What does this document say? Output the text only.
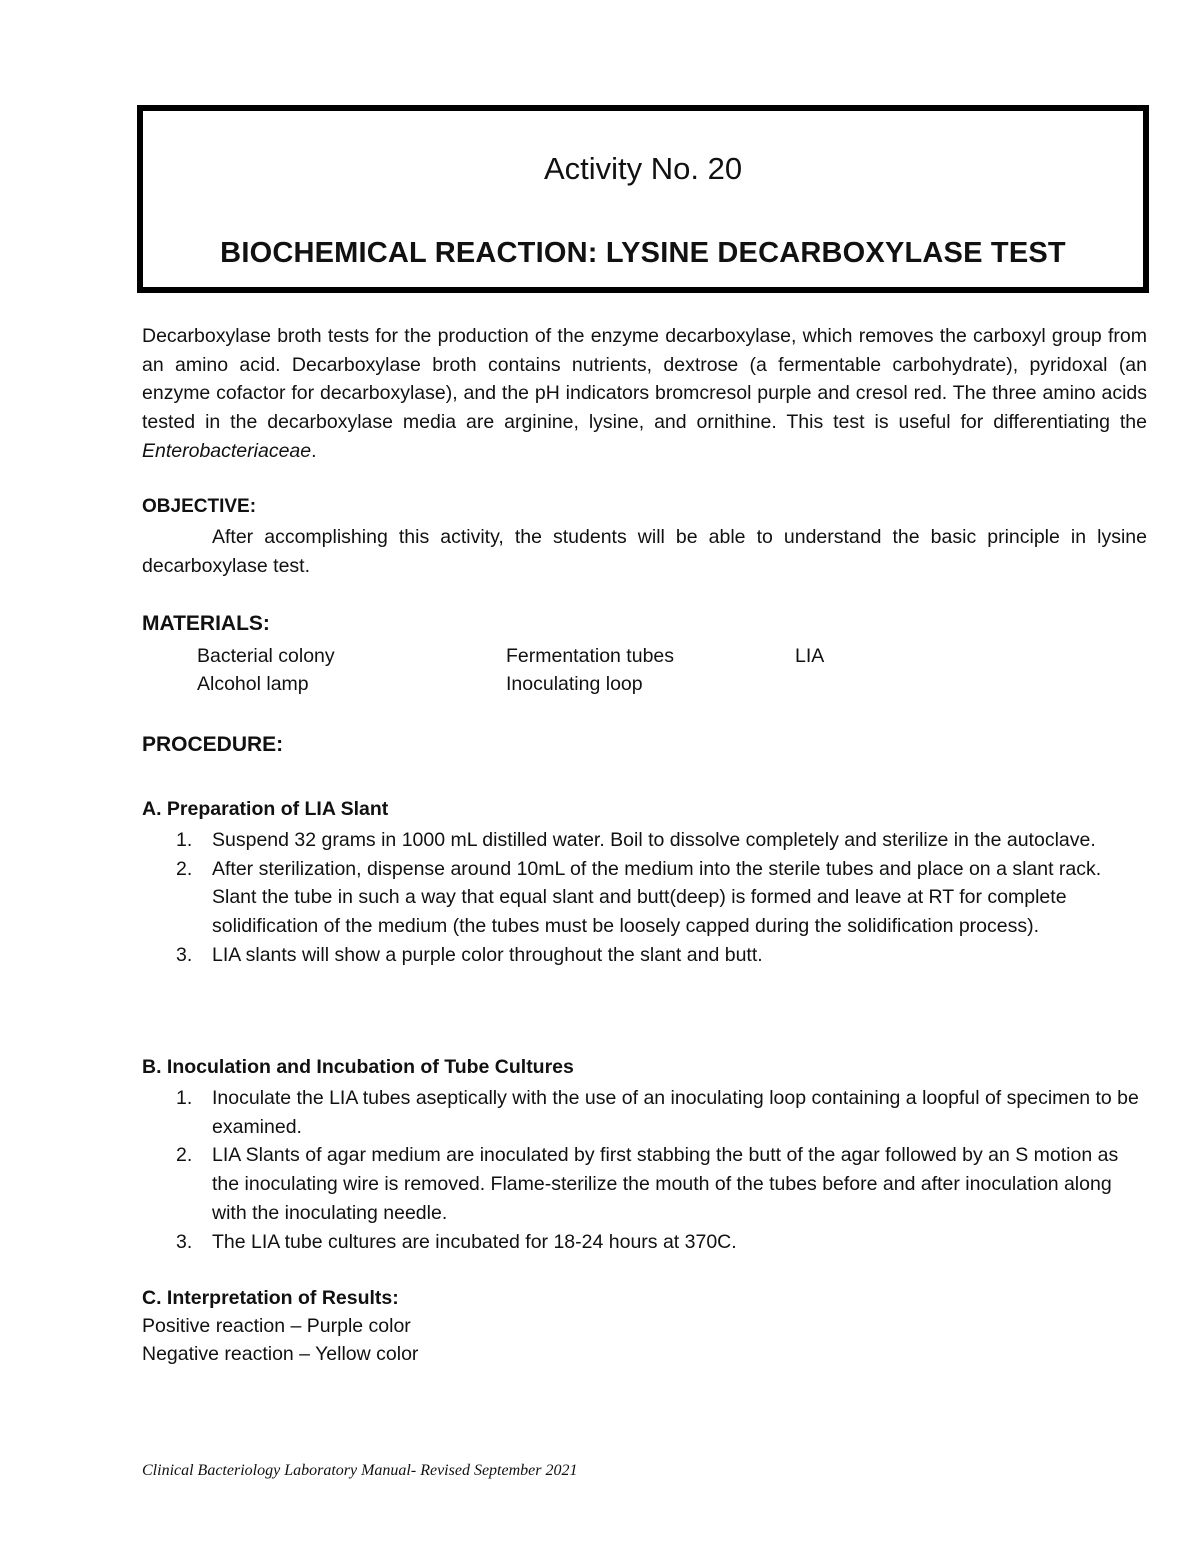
Activity No. 20
BIOCHEMICAL REACTION: LYSINE DECARBOXYLASE TEST

Decarboxylase broth tests for the production of the enzyme decarboxylase, which removes the carboxyl group from an amino acid. Decarboxylase broth contains nutrients, dextrose (a fermentable carbohydrate), pyridoxal (an enzyme cofactor for decarboxylase), and the pH indicators bromcresol purple and cresol red. The three amino acids tested in the decarboxylase media are arginine, lysine, and ornithine. This test is useful for differentiating the Enterobacteriaceae.

OBJECTIVE:

After accomplishing this activity, the students will be able to understand the basic principle in lysine decarboxylase test.

MATERIALS:
Bacterial colony	Fermentation tubes	LIA
Alcohol lamp	Inoculating loop
PROCEDURE:
A. Preparation of LIA Slant
1. Suspend 32 grams in 1000 mL distilled water. Boil to dissolve completely and sterilize in the autoclave.
2. After sterilization, dispense around 10mL of the medium into the sterile tubes and place on a slant rack. Slant the tube in such a way that equal slant and butt(deep) is formed and leave at RT for complete solidification of the medium (the tubes must be loosely capped during the solidification process).
3. LIA slants will show a purple color throughout the slant and butt.
B. Inoculation and Incubation of Tube Cultures
1. Inoculate the LIA tubes aseptically with the use of an inoculating loop containing a loopful of specimen to be examined.
2. LIA Slants of agar medium are inoculated by first stabbing the butt of the agar followed by an S motion as the inoculating wire is removed. Flame-sterilize the mouth of the tubes before and after inoculation along with the inoculating needle.
3. The LIA tube cultures are incubated for 18-24 hours at 370C.
C. Interpretation of Results:
Positive reaction – Purple color
Negative reaction – Yellow color
Clinical Bacteriology Laboratory Manual- Revised September 2021
